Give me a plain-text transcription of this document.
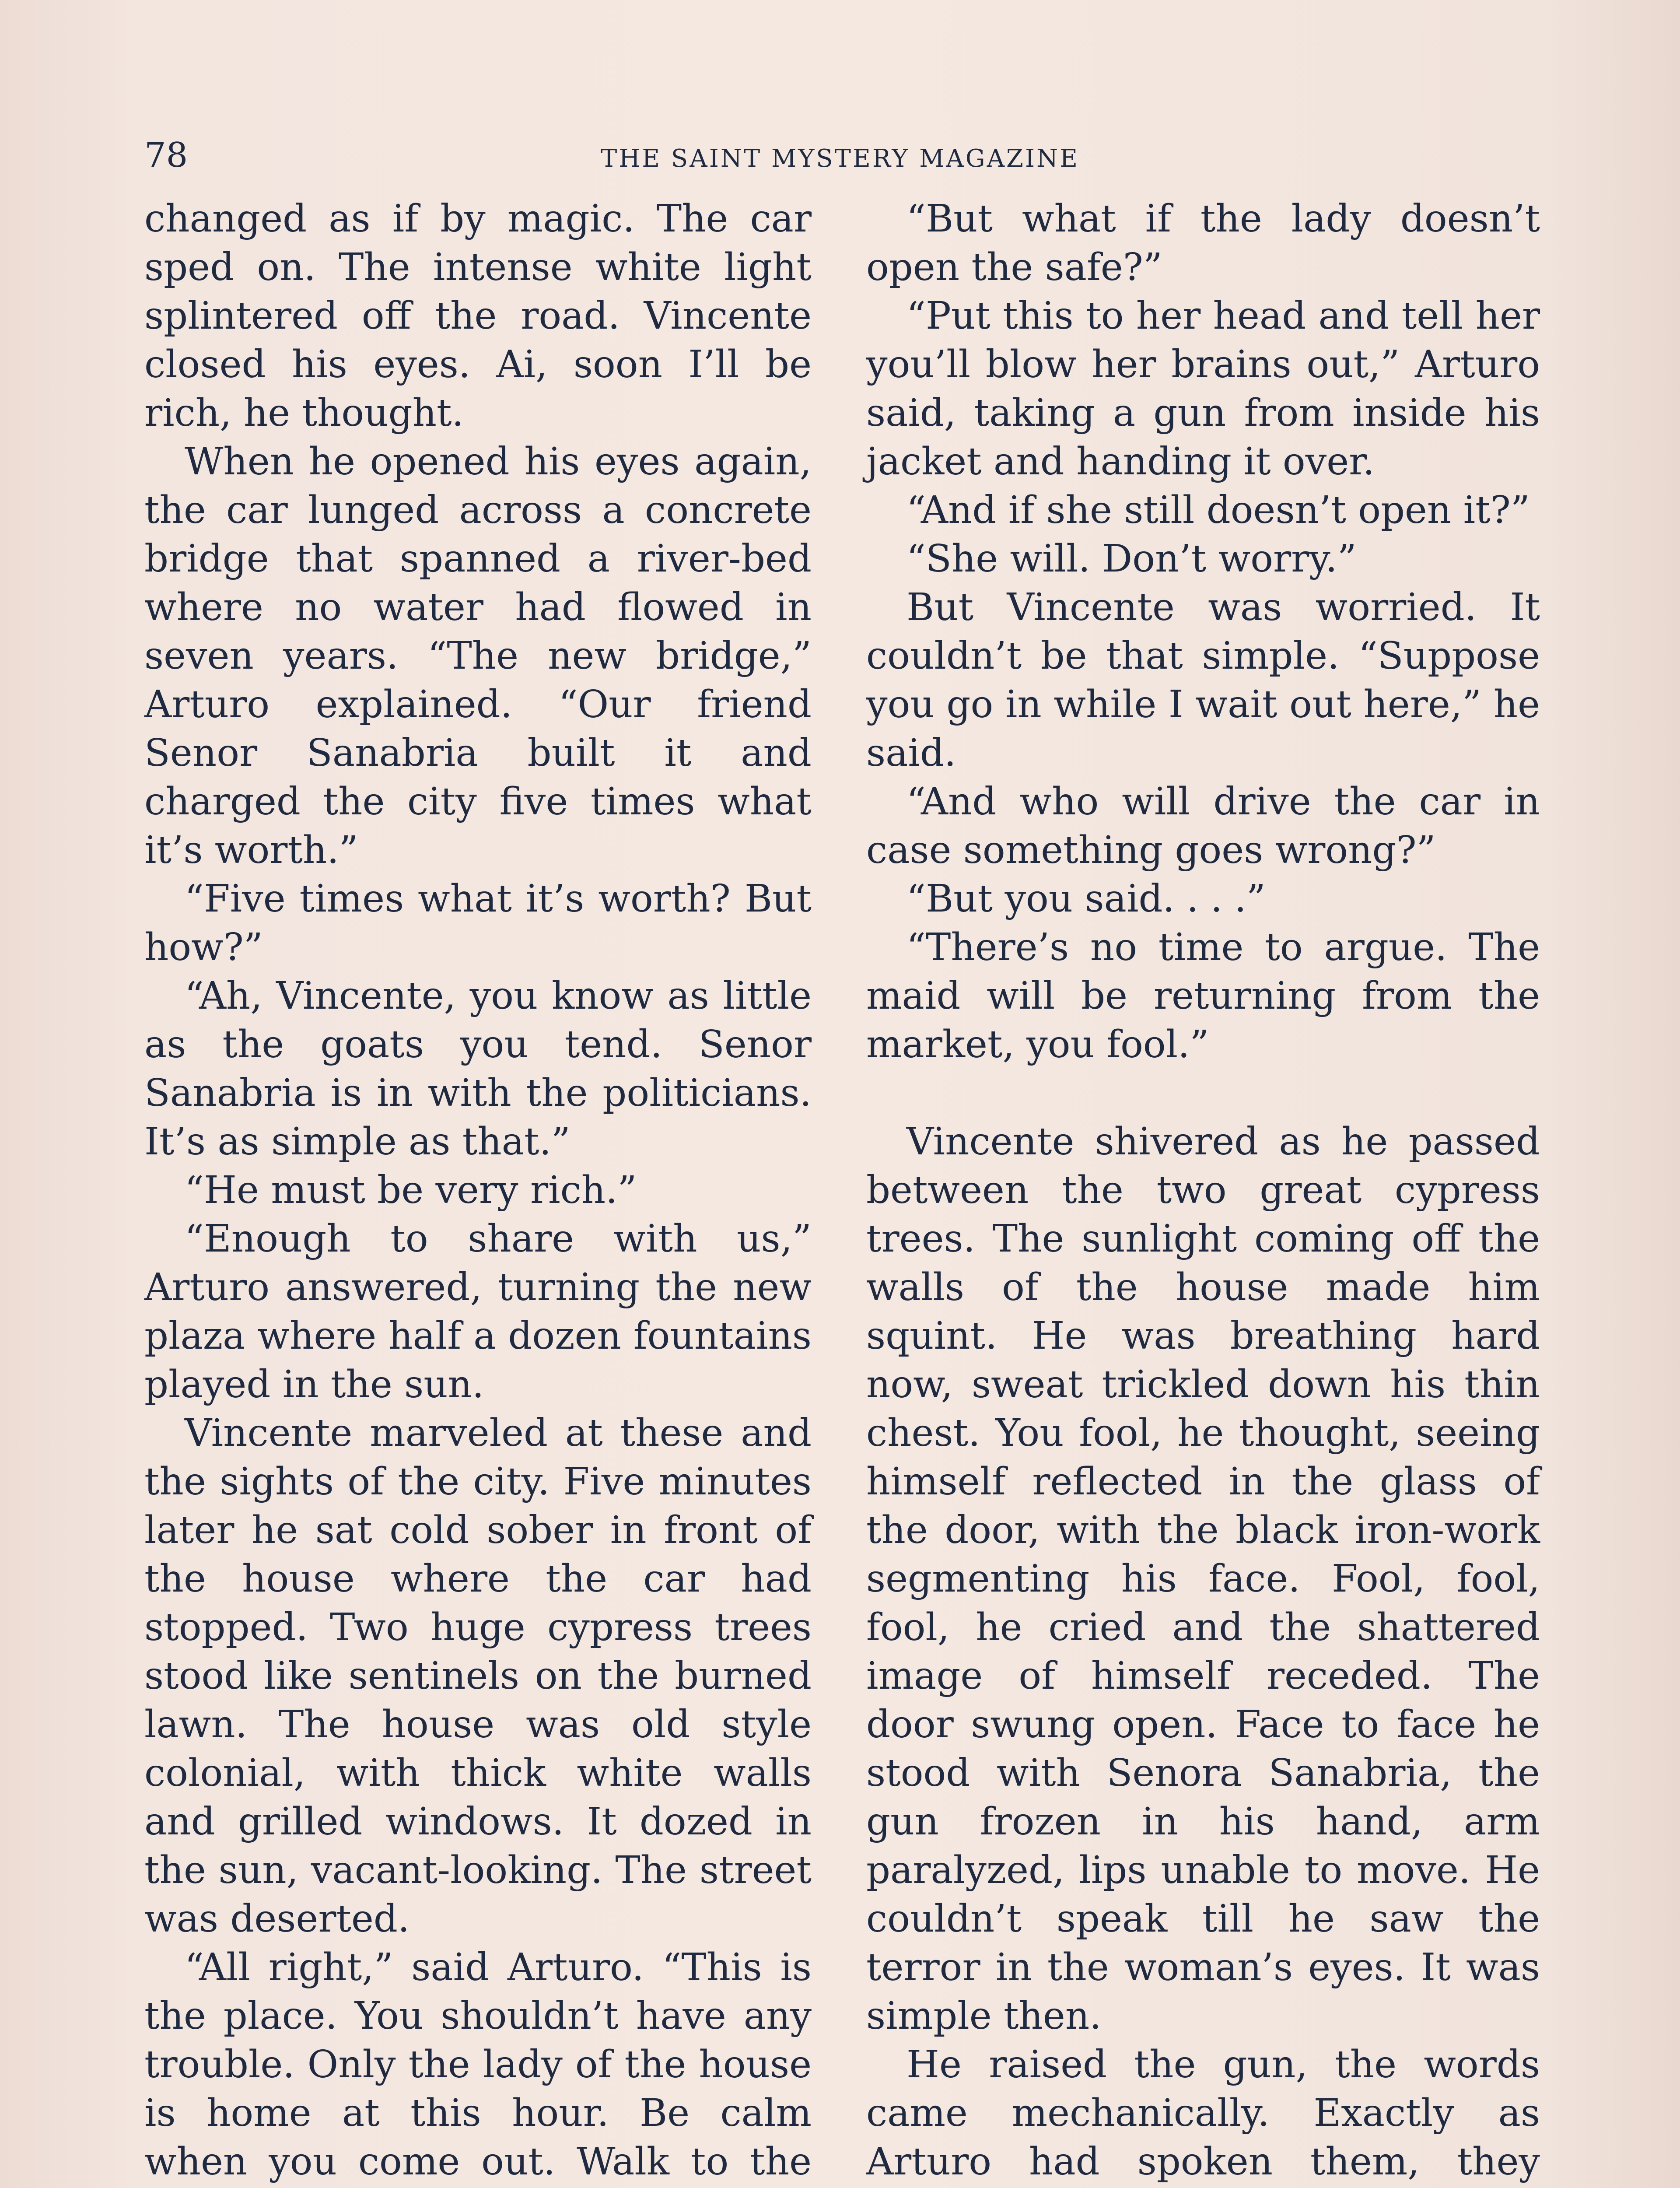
78	THE SAINT MYSTERY MAGAZINE

changed as if by magic. The car sped on. The intense white light splintered off the road. Vincente closed his eyes. Ai, soon I’ll be rich, he thought.

When he opened his eyes again, the car lunged across a concrete bridge that spanned a river-bed where no water had flowed in seven years. “The new bridge,” Arturo explained. “Our friend Senor Sanabria built it and charged the city five times what it’s worth.”

“Five times what it’s worth? But how?”

“Ah, Vincente, you know as little as the goats you tend. Senor Sanabria is in with the politicians. It’s as simple as that.”

“He must be very rich.”

“Enough to share with us,” Arturo answered, turning the new plaza where half a dozen fountains played in the sun.

Vincente marveled at these and the sights of the city. Five minutes later he sat cold sober in front of the house where the car had stopped. Two huge cypress trees stood like sentinels on the burned lawn. The house was old style colonial, with thick white walls and grilled windows. It dozed in the sun, vacant-looking. The street was deserted.

“All right,” said Arturo. “This is the place. You shouldn’t have any trouble. Only the lady of the house is home at this hour. Be calm when you come out. Walk to the

“But what if the lady doesn’t open the safe?”

“Put this to her head and tell her you’ll blow her brains out,” Arturo said, taking a gun from inside his jacket and handing it over.

“And if she still doesn’t open it?”

“She will. Don’t worry.”

But Vincente was worried. It couldn’t be that simple. “Suppose you go in while I wait out here,” he said.

“And who will drive the car in case something goes wrong?”

“But you said. . . .”

“There’s no time to argue. The maid will be returning from the market, you fool.”

Vincente shivered as he passed between the two great cypress trees. The sunlight coming off the walls of the house made him squint. He was breathing hard now, sweat trickled down his thin chest. You fool, he thought, seeing himself reflected in the glass of the door, with the black iron-work segmenting his face. Fool, fool, fool, he cried and the shattered image of himself receded. The door swung open. Face to face he stood with Senora Sanabria, the gun frozen in his hand, arm paralyzed, lips unable to move. He couldn’t speak till he saw the terror in the woman’s eyes. It was simple then.

He raised the gun, the words came mechanically. Exactly as Arturo had spoken them, they
